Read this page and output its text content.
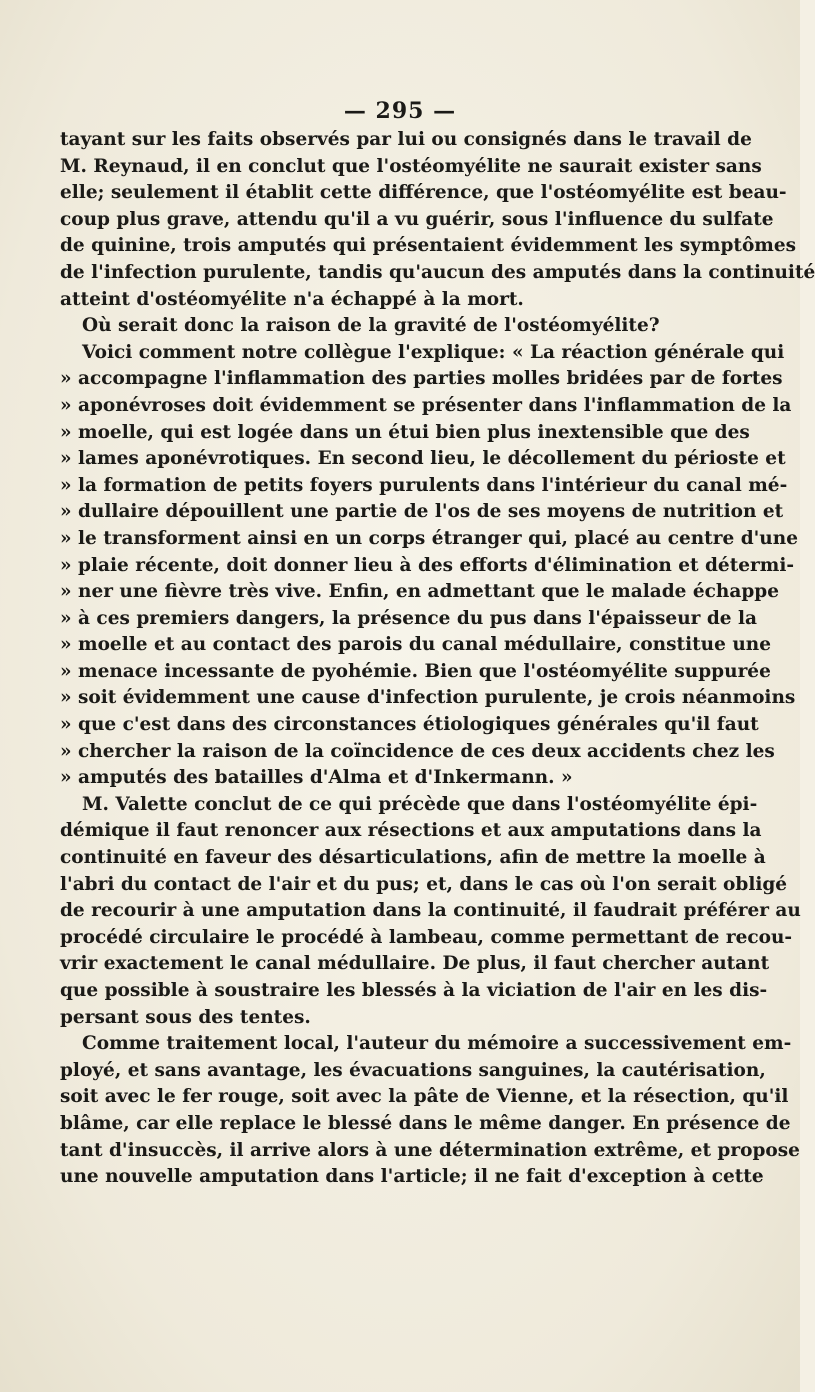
— 295 —
tayant sur les faits observés par lui ou consignés dans le travail de
M. Reynaud, il en conclut que l'ostéomyélite ne saurait exister sans
elle; seulement il établit cette différence, que l'ostéomyélite est beau-
coup plus grave, attendu qu'il a vu guérir, sous l'influence du sulfate
de quinine, trois amputés qui présentaient évidemment les symptômes
de l'infection purulente, tandis qu'aucun des amputés dans la continuité
atteint d'ostéomyélite n'a échappé à la mort.
Où serait donc la raison de la gravité de l'ostéomyélite?
Voici comment notre collègue l'explique: « La réaction générale qui
» accompagne l'inflammation des parties molles bridées par de fortes
» aponévroses doit évidemment se présenter dans l'inflammation de la
» moelle, qui est logée dans un étui bien plus inextensible que des
» lames aponévrotiques. En second lieu, le décollement du périoste et
» la formation de petits foyers purulents dans l'intérieur du canal mé-
» dullaire dépouillent une partie de l'os de ses moyens de nutrition et
» le transforment ainsi en un corps étranger qui, placé au centre d'une
» plaie récente, doit donner lieu à des efforts d'élimination et détermi-
» ner une fièvre très vive. Enfin, en admettant que le malade échappe
» à ces premiers dangers, la présence du pus dans l'épaisseur de la
» moelle et au contact des parois du canal médullaire, constitue une
» menace incessante de pyohémie. Bien que l'ostéomyélite suppurée
» soit évidemment une cause d'infection purulente, je crois néanmoins
» que c'est dans des circonstances étiologiques générales qu'il faut
» chercher la raison de la coïncidence de ces deux accidents chez les
» amputés des batailles d'Alma et d'Inkermann. »
M. Valette conclut de ce qui précède que dans l'ostéomyélite épi-
démique il faut renoncer aux résections et aux amputations dans la
continuité en faveur des désarticulations, afin de mettre la moelle à
l'abri du contact de l'air et du pus; et, dans le cas où l'on serait obligé
de recourir à une amputation dans la continuité, il faudrait préférer au
procédé circulaire le procédé à lambeau, comme permettant de recou-
vrir exactement le canal médullaire. De plus, il faut chercher autant
que possible à soustraire les blessés à la viciation de l'air en les dis-
persant sous des tentes.
Comme traitement local, l'auteur du mémoire a successivement em-
ployé, et sans avantage, les évacuations sanguines, la cautérisation,
soit avec le fer rouge, soit avec la pâte de Vienne, et la résection, qu'il
blâme, car elle replace le blessé dans le même danger. En présence de
tant d'insuccès, il arrive alors à une détermination extrême, et propose
une nouvelle amputation dans l'article; il ne fait d'exception à cette
